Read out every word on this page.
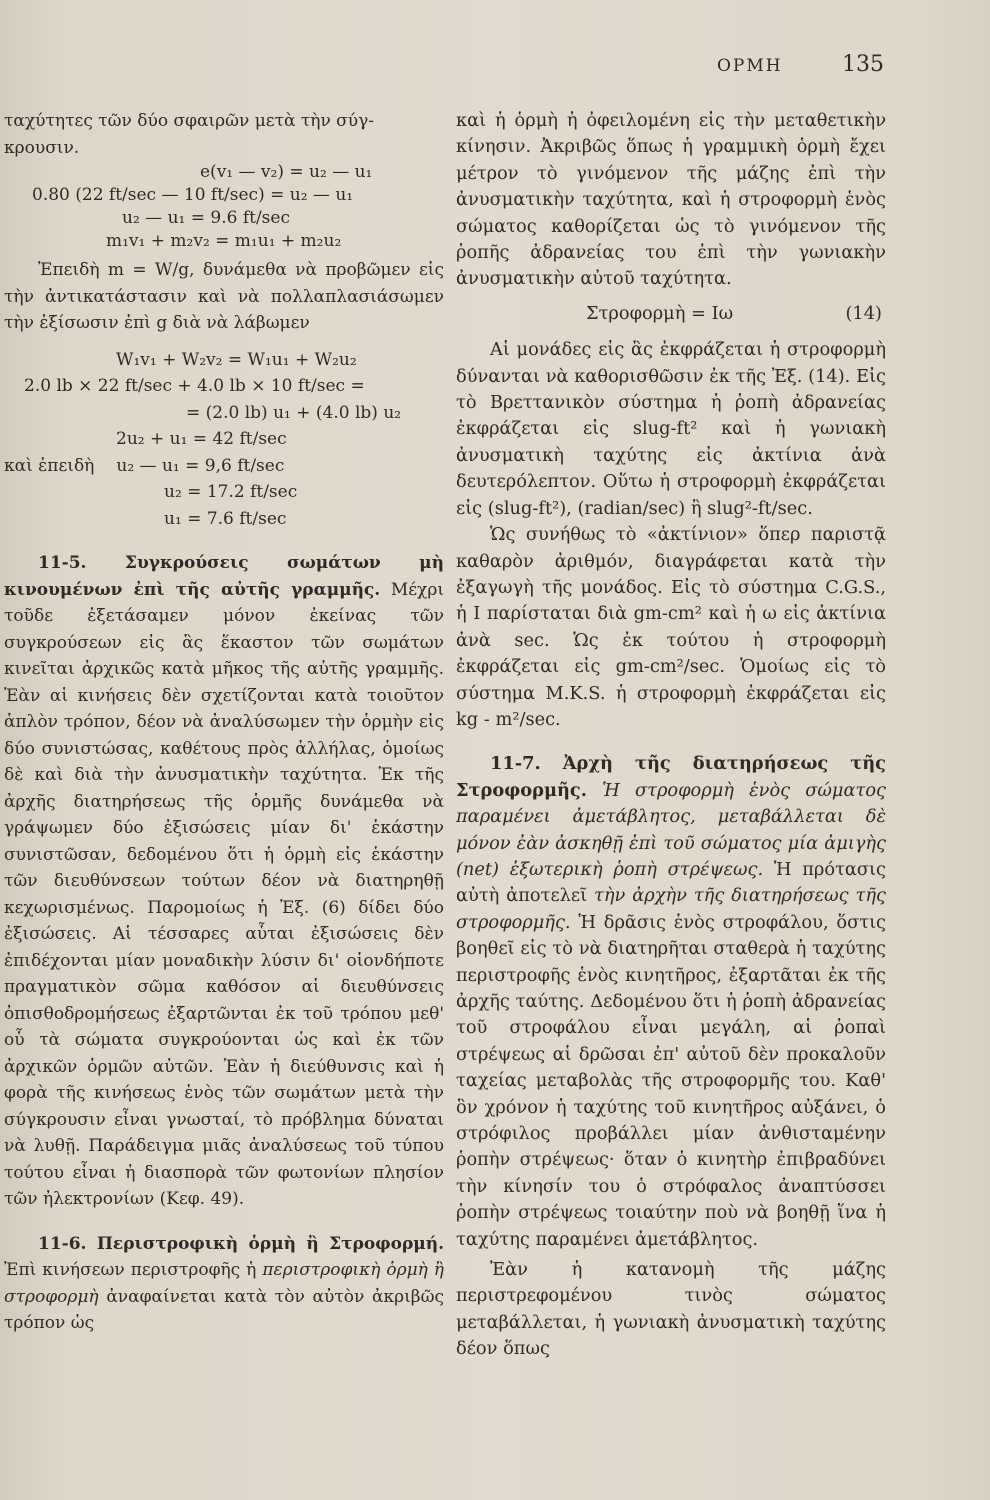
ΟΡΜΗ	135

ταχύτητες τῶν δύο σφαιρῶν μετὰ τὴν σύγ-

κρουσιν.

e(v₁ — v₂) = u₂ — u₁

0.80 (22 ft/sec — 10 ft/sec) = u₂ — u₁

u₂ — u₁ = 9.6 ft/sec

m₁v₁ + m₂v₂ = m₁u₁ + m₂u₂

Ἐπειδὴ m = W/g, δυνάμεθα νὰ προβῶμεν εἰς τὴν ἀντικατάστασιν καὶ νὰ πολλαπλασιάσωμεν τὴν ἐξίσωσιν ἐπὶ g διὰ νὰ λάβωμεν

W₁v₁ + W₂v₂ = W₁u₁ + W₂u₂

2.0 lb × 22 ft/sec + 4.0 lb × 10 ft/sec =

= (2.0 lb) u₁ + (4.0 lb) u₂

2u₂ + u₁ = 42 ft/sec

καὶ ἐπειδὴ u₂ — u₁ = 9,6 ft/sec

u₂ = 17.2 ft/sec

u₁ = 7.6 ft/sec

11-5. Συγκρούσεις σωμάτων μὴ κινουμένων ἐπὶ τῆς αὐτῆς γραμμῆς. Μέχρι τοῦδε ἐξετάσαμεν μόνον ἐκείνας τῶν συγκρούσεων εἰς ἃς ἕκαστον τῶν σωμάτων κινεῖται ἀρχικῶς κατὰ μῆκος τῆς αὐτῆς γραμμῆς. Ἐὰν αἱ κινήσεις δὲν σχετίζονται κατὰ τοιοῦτον ἁπλὸν τρόπον, δέον νὰ ἀναλύσωμεν τὴν ὁρμὴν εἰς δύο συνιστώσας, καθέτους πρὸς ἀλλήλας, ὁμοίως δὲ καὶ διὰ τὴν ἀνυσματικὴν ταχύτητα. Ἐκ τῆς ἀρχῆς διατηρήσεως τῆς ὁρμῆς δυνάμεθα νὰ γράψωμεν δύο ἐξισώσεις μίαν δι' ἑκάστην συνιστῶσαν, δεδομένου ὅτι ἡ ὁρμὴ εἰς ἑκάστην τῶν διευθύνσεων τούτων δέον νὰ διατηρηθῇ κεχωρισμένως. Παρομοίως ἡ Ἐξ. (6) δίδει δύο ἐξισώσεις. Αἱ τέσσαρες αὗται ἐξισώσεις δὲν ἐπιδέχονται μίαν μοναδικὴν λύσιν δι' οἱονδήποτε πραγματικὸν σῶμα καθόσον αἱ διευθύνσεις ὀπισθοδρομήσεως ἐξαρτῶνται ἐκ τοῦ τρόπου μεθ' οὗ τὰ σώματα συγκρούονται ὡς καὶ ἐκ τῶν ἀρχικῶν ὁρμῶν αὐτῶν. Ἐὰν ἡ διεύθυνσις καὶ ἡ φορὰ τῆς κινήσεως ἑνὸς τῶν σωμάτων μετὰ τὴν σύγκρουσιν εἶναι γνωσταί, τὸ πρόβλημα δύναται νὰ λυθῇ. Παράδειγμα μιᾶς ἀναλύσεως τοῦ τύπου τούτου εἶναι ἡ διασπορὰ τῶν φωτονίων πλησίον τῶν ἠλεκτρονίων (Κεφ. 49).

11-6. Περιστροφικὴ ὁρμὴ ἢ Στροφορμή. Ἐπὶ κινήσεων περιστροφῆς ἡ περιστροφικὴ ὁρμὴ ἢ στροφορμὴ ἀναφαίνεται κατὰ τὸν αὐτὸν ἀκριβῶς τρόπον ὡς

καὶ ἡ ὁρμὴ ἡ ὀφειλομένη εἰς τὴν μεταθετικὴν κίνησιν. Ἀκριβῶς ὅπως ἡ γραμμικὴ ὁρμὴ ἔχει μέτρον τὸ γινόμενον τῆς μάζης ἐπὶ τὴν ἀνυσματικὴν ταχύτητα, καὶ ἡ στροφορμὴ ἑνὸς σώματος καθορίζεται ὡς τὸ γινόμενον τῆς ῥοπῆς ἀδρανείας του ἐπὶ τὴν γωνιακὴν ἀνυσματικὴν αὐτοῦ ταχύτητα.

Στροφορμὴ = Iω	(14)

Αἱ μονάδες εἰς ἃς ἐκφράζεται ἡ στροφορμὴ δύνανται νὰ καθορισθῶσιν ἐκ τῆς Ἐξ. (14). Εἰς τὸ Βρεττανικὸν σύστημα ἡ ῥοπὴ ἀδρανείας ἐκφράζεται εἰς slug-ft² καὶ ἡ γωνιακὴ ἀνυσματικὴ ταχύτης εἰς ἀκτίνια ἀνὰ δευτερόλεπτον. Οὕτω ἡ στροφορμὴ ἐκφράζεται εἰς (slug-ft²), (radian/sec) ἢ slug²-ft/sec.

Ὡς συνήθως τὸ «ἀκτίνιον» ὅπερ παριστᾷ καθαρὸν ἀριθμόν, διαγράφεται κατὰ τὴν ἐξαγωγὴ τῆς μονάδος. Εἰς τὸ σύστημα C.G.S., ἡ I παρίσταται διὰ gm-cm² καὶ ἡ ω εἰς ἀκτίνια ἀνὰ sec. Ὡς ἐκ τούτου ἡ στροφορμὴ ἐκφράζεται εἰς gm-cm²/sec. Ὁμοίως εἰς τὸ σύστημα M.K.S. ἡ στροφορμὴ ἐκφράζεται εἰς kg - m²/sec.

11-7. Ἀρχὴ τῆς διατηρήσεως τῆς Στροφορμῆς. Ἡ στροφορμὴ ἑνὸς σώματος παραμένει ἀμετάβλητος, μεταβάλλεται δὲ μόνον ἐὰν ἀσκηθῇ ἐπὶ τοῦ σώματος μία ἀμιγὴς (net) ἐξωτερικὴ ῥοπὴ στρέψεως. Ἡ πρότασις αὐτὴ ἀποτελεῖ τὴν ἀρχὴν τῆς διατηρήσεως τῆς στροφορμῆς. Ἡ δρᾶσις ἑνὸς στροφάλου, ὅστις βοηθεῖ εἰς τὸ νὰ διατηρῆται σταθερὰ ἡ ταχύτης περιστροφῆς ἑνὸς κινητῆρος, ἐξαρτᾶται ἐκ τῆς ἀρχῆς ταύτης. Δεδομένου ὅτι ἡ ῥοπὴ ἀδρανείας τοῦ στροφάλου εἶναι μεγάλη, αἱ ῥοπαὶ στρέψεως αἱ δρῶσαι ἐπ' αὐτοῦ δὲν προκαλοῦν ταχείας μεταβολὰς τῆς στροφορμῆς του. Καθ' ὃν χρόνον ἡ ταχύτης τοῦ κινητῆρος αὐξάνει, ὁ στρόφιλος προβάλλει μίαν ἀνθισταμένην ῥοπὴν στρέψεως· ὅταν ὁ κινητὴρ ἐπιβραδύνει τὴν κίνησίν του ὁ στρόφαλος ἀναπτύσσει ῥοπὴν στρέψεως τοιαύτην ποὺ νὰ βοηθῇ ἵνα ἡ ταχύτης παραμένει ἀμετάβλητος.

Ἐὰν ἡ κατανομὴ τῆς μάζης περιστρεφομένου τινὸς σώματος μεταβάλλεται, ἡ γωνιακὴ ἀνυσματικὴ ταχύτης δέον ὅπως
